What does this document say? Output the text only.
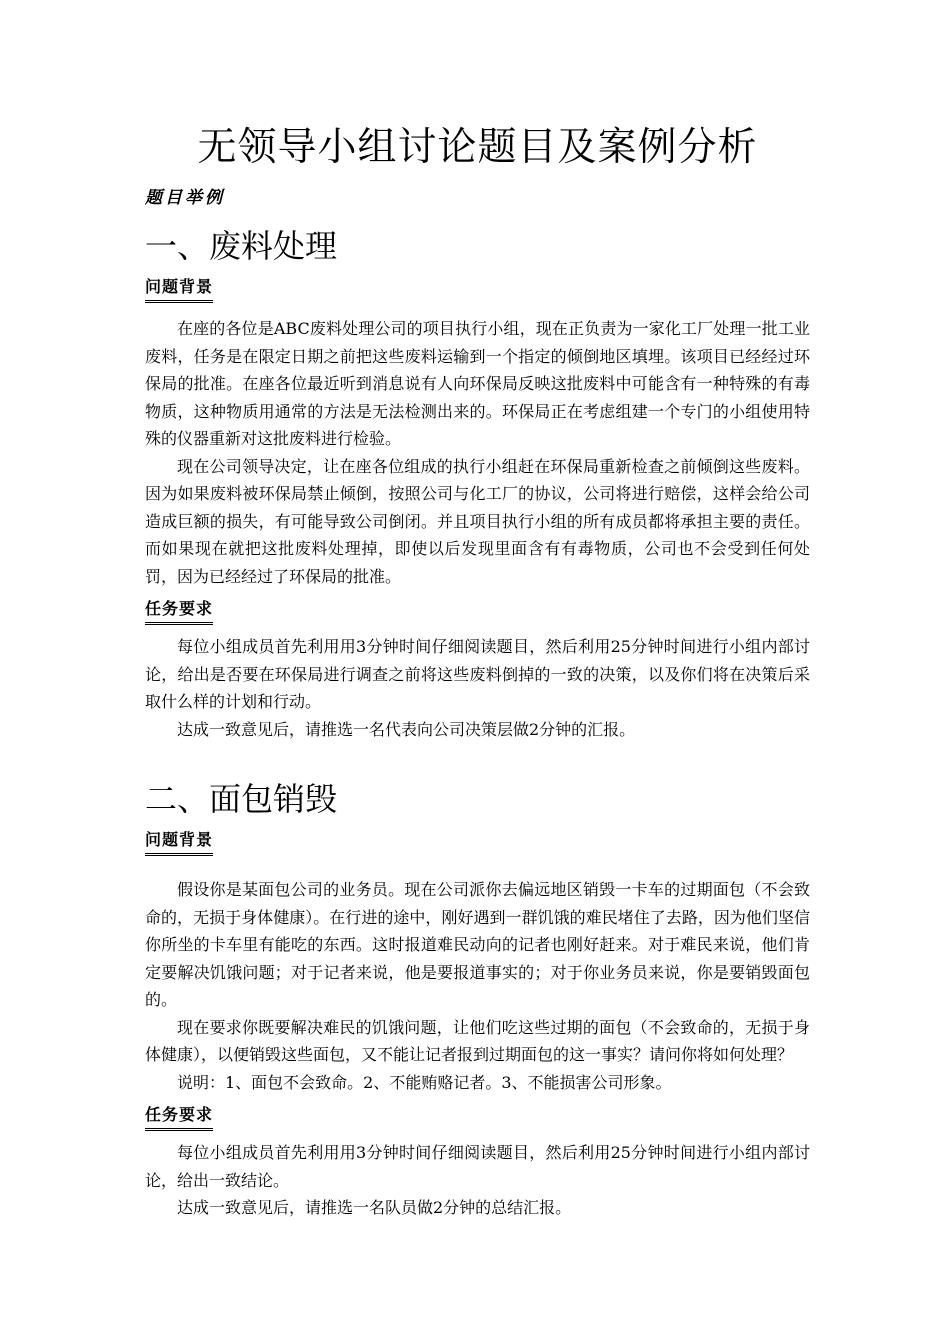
无领导小组讨论题目及案例分析
题目举例
一、废料处理
问题背景

在座的各位是ABC废料处理公司的项目执行小组，现在正负责为一家化工厂处理一批工业废料，任务是在限定日期之前把这些废料运输到一个指定的倾倒地区填埋。该项目已经经过环保局的批准。在座各位最近听到消息说有人向环保局反映这批废料中可能含有一种特殊的有毒物质，这种物质用通常的方法是无法检测出来的。环保局正在考虑组建一个专门的小组使用特殊的仪器重新对这批废料进行检验。

现在公司领导决定，让在座各位组成的执行小组赶在环保局重新检查之前倾倒这些废料。因为如果废料被环保局禁止倾倒，按照公司与化工厂的协议，公司将进行赔偿，这样会给公司造成巨额的损失，有可能导致公司倒闭。并且项目执行小组的所有成员都将承担主要的责任。而如果现在就把这批废料处理掉，即使以后发现里面含有有毒物质，公司也不会受到任何处罚，因为已经经过了环保局的批准。

任务要求

每位小组成员首先利用用3分钟时间仔细阅读题目，然后利用25分钟时间进行小组内部讨论，给出是否要在环保局进行调查之前将这些废料倒掉的一致的决策，以及你们将在决策后采取什么样的计划和行动。

达成一致意见后，请推选一名代表向公司决策层做2分钟的汇报。

二、面包销毁
问题背景

假设你是某面包公司的业务员。现在公司派你去偏远地区销毁一卡车的过期面包（不会致命的，无损于身体健康）。在行进的途中，刚好遇到一群饥饿的难民堵住了去路，因为他们坚信你所坐的卡车里有能吃的东西。这时报道难民动向的记者也刚好赶来。对于难民来说，他们肯定要解决饥饿问题；对于记者来说，他是要报道事实的；对于你业务员来说，你是要销毁面包的。

现在要求你既要解决难民的饥饿问题，让他们吃这些过期的面包（不会致命的，无损于身体健康），以便销毁这些面包，又不能让记者报到过期面包的这一事实？请问你将如何处理？

说明：1、面包不会致命。2、不能贿赂记者。3、不能损害公司形象。

任务要求

每位小组成员首先利用用3分钟时间仔细阅读题目，然后利用25分钟时间进行小组内部讨论，给出一致结论。

达成一致意见后，请推选一名队员做2分钟的总结汇报。
